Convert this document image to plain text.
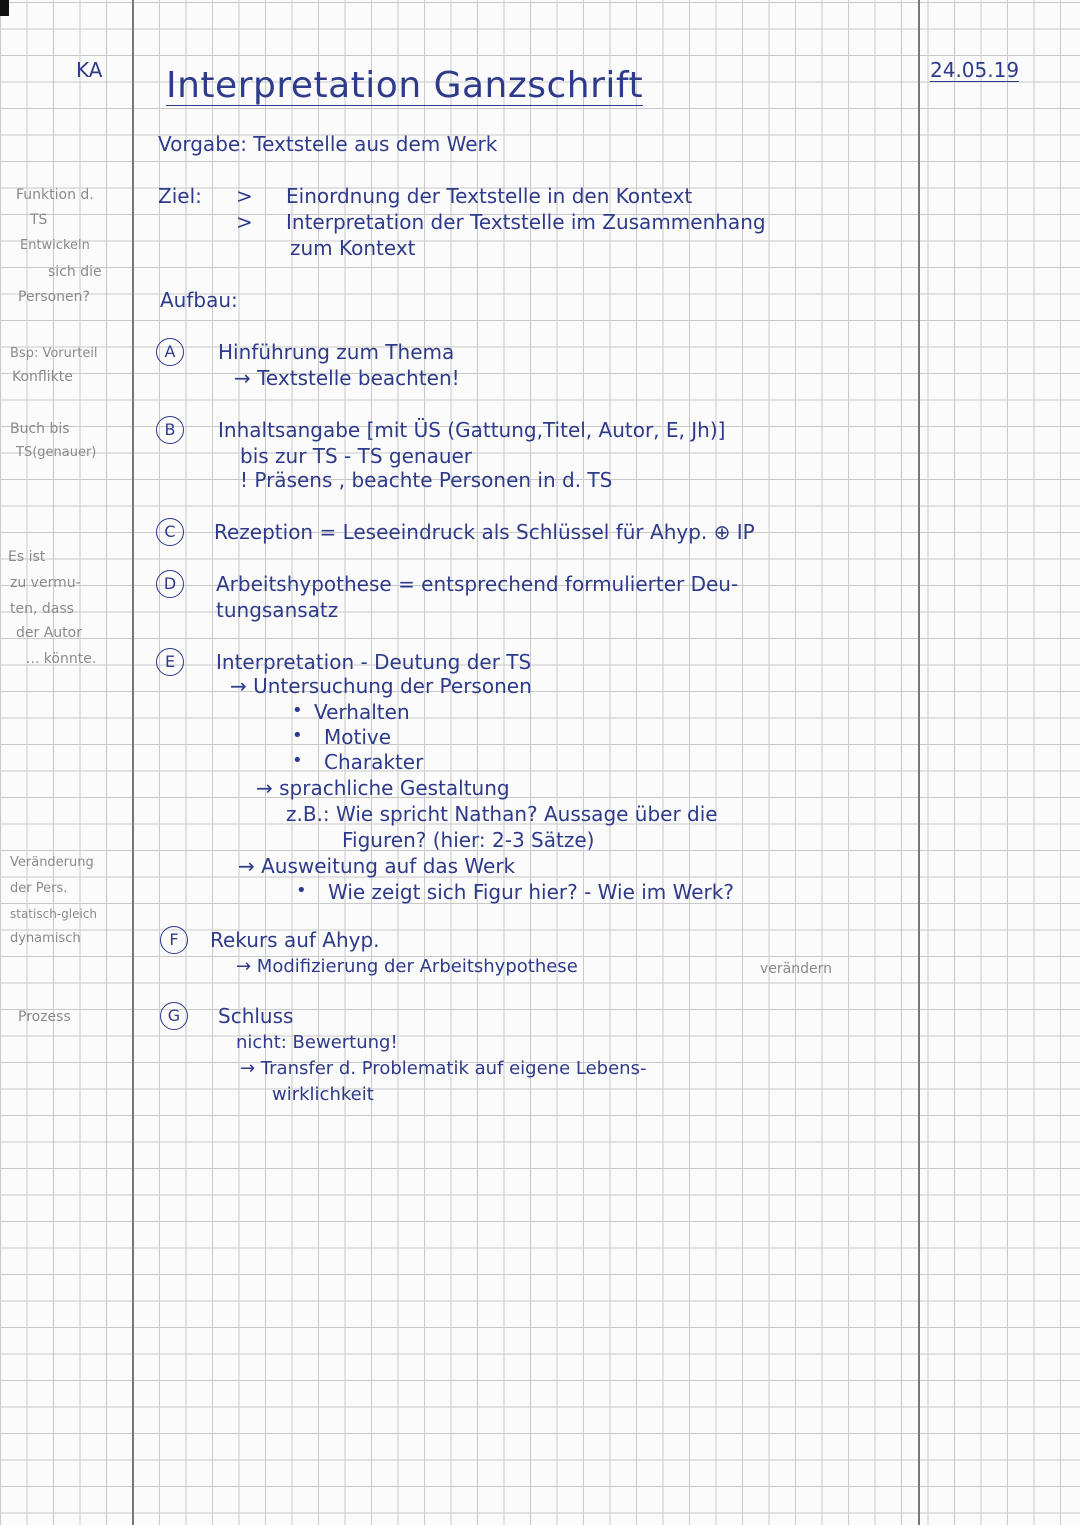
KA Interpretation Ganzschrift	24.05.19
Vorgabe: Textstelle aus dem Werk
Ziel: > Einordnung der Textstelle in den Kontext
> Interpretation der Textstelle im Zusammenhang
zum Kontext
Aufbau:
A	Hinführung zum Thema
→ Textstelle beachten!
B	Inhaltsangabe [mit ÜS (Gattung,Titel, Autor, E, Jh)]
bis zur TS - TS genauer
! Präsens , beachte Personen in d. TS
C	Rezeption = Leseeindruck als Schlüssel für Ahyp. ⊕ IP
D	Arbeitshypothese = entsprechend formulierter Deu-
tungsansatz
E	Interpretation - Deutung der TS
→ Untersuchung der Personen
• Verhalten
• Motive
• Charakter
→ sprachliche Gestaltung
z.B.: Wie spricht Nathan? Aussage über die
Figuren? (hier: 2-3 Sätze)
→ Ausweitung auf das Werk
• Wie zeigt sich Figur hier? - Wie im Werk?
F	Rekurs auf Ahyp.
→ Modifizierung der Arbeitshypothese	verändern
G	Schluss
nicht: Bewertung!
→ Transfer d. Problematik auf eigene Lebens-
wirklichkeit
Funktion d.
TS
Entwickeln
sich die
Personen?
Bsp: Vorurteil
Konflikte
Buch bis
TS(genauer)
Es ist
zu vermu-
ten, dass
der Autor
... könnte.
Veränderung
der Pers.
statisch-gleich
dynamisch
Prozess
